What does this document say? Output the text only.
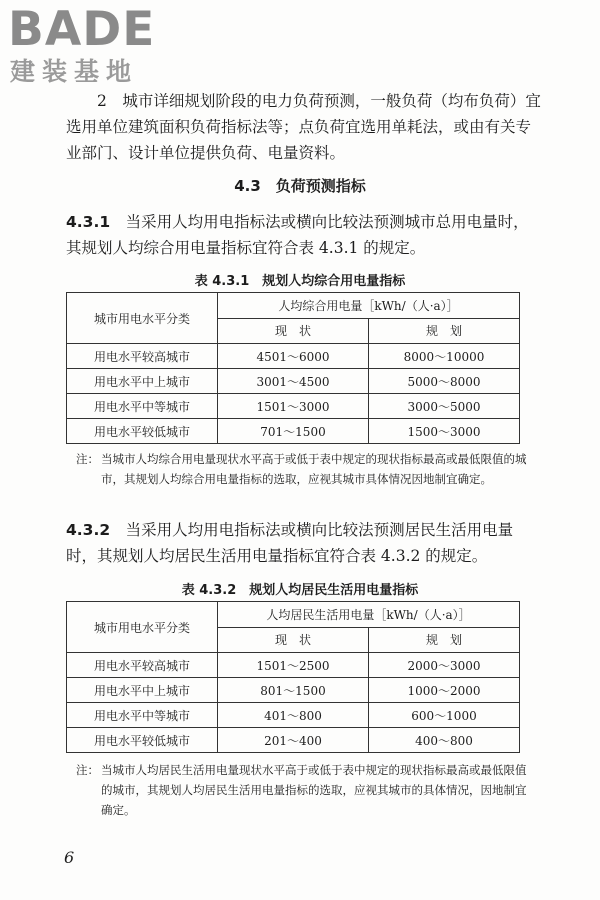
BADE
建装基地

2　城市详细规划阶段的电力负荷预测，一般负荷（均布负荷）宜选用单位建筑面积负荷指标法等；点负荷宜选用单耗法，或由有关专业部门、设计单位提供负荷、电量资料。

4.3　负荷预测指标

4.3.1　当采用人均用电指标法或横向比较法预测城市总用电量时，其规划人均综合用电量指标宜符合表 4.3.1 的规定。

表 4.3.1　规划人均综合用电量指标
城市用电水平分类	人均综合用电量［kWh/（人·a）］	
	现　状	规　划
用电水平较高城市	4501～6000	8000～10000
用电水平中上城市	3001～4500	5000～8000
用电水平中等城市	1501～3000	3000～5000
用电水平较低城市	701～1500	1500～3000
注： 当城市人均综合用电量现状水平高于或低于表中规定的现状指标最高或最低限值的城市，其规划人均综合用电量指标的选取，应视其城市具体情况因地制宜确定。

4.3.2　当采用人均用电指标法或横向比较法预测居民生活用电量时，其规划人均居民生活用电量指标宜符合表 4.3.2 的规定。

表 4.3.2　规划人均居民生活用电量指标
城市用电水平分类	人均居民生活用电量［kWh/（人·a）］	
	现　状	规　划
用电水平较高城市	1501～2500	2000～3000
用电水平中上城市	801～1500	1000～2000
用电水平中等城市	401～800	600～1000
用电水平较低城市	201～400	400～800
注： 当城市人均居民生活用电量现状水平高于或低于表中规定的现状指标最高或最低限值的城市，其规划人均居民生活用电量指标的选取，应视其城市的具体情况，因地制宜确定。
6
